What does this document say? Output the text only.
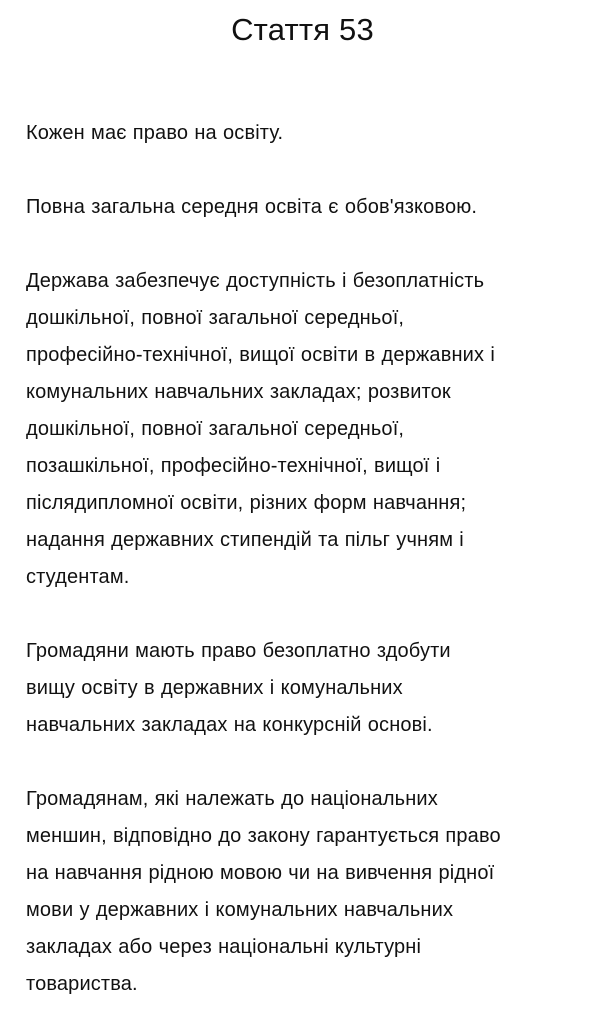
Стаття 53

Кожен має право на освіту.

Повна загальна середня освіта є обов'язковою.

Держава забезпечує доступність і безоплатність
дошкільної, повної загальної середньої,
професійно-технічної, вищої освіти в державних і
комунальних навчальних закладах; розвиток
дошкільної, повної загальної середньої,
позашкільної, професійно-технічної, вищої і
післядипломної освіти, різних форм навчання;
надання державних стипендій та пільг учням і
студентам.

Громадяни мають право безоплатно здобути
вищу освіту в державних і комунальних
навчальних закладах на конкурсній основі.

Громадянам, які належать до національних
меншин, відповідно до закону гарантується право
на навчання рідною мовою чи на вивчення рідної
мови у державних і комунальних навчальних
закладах або через національні культурні
товариства.
